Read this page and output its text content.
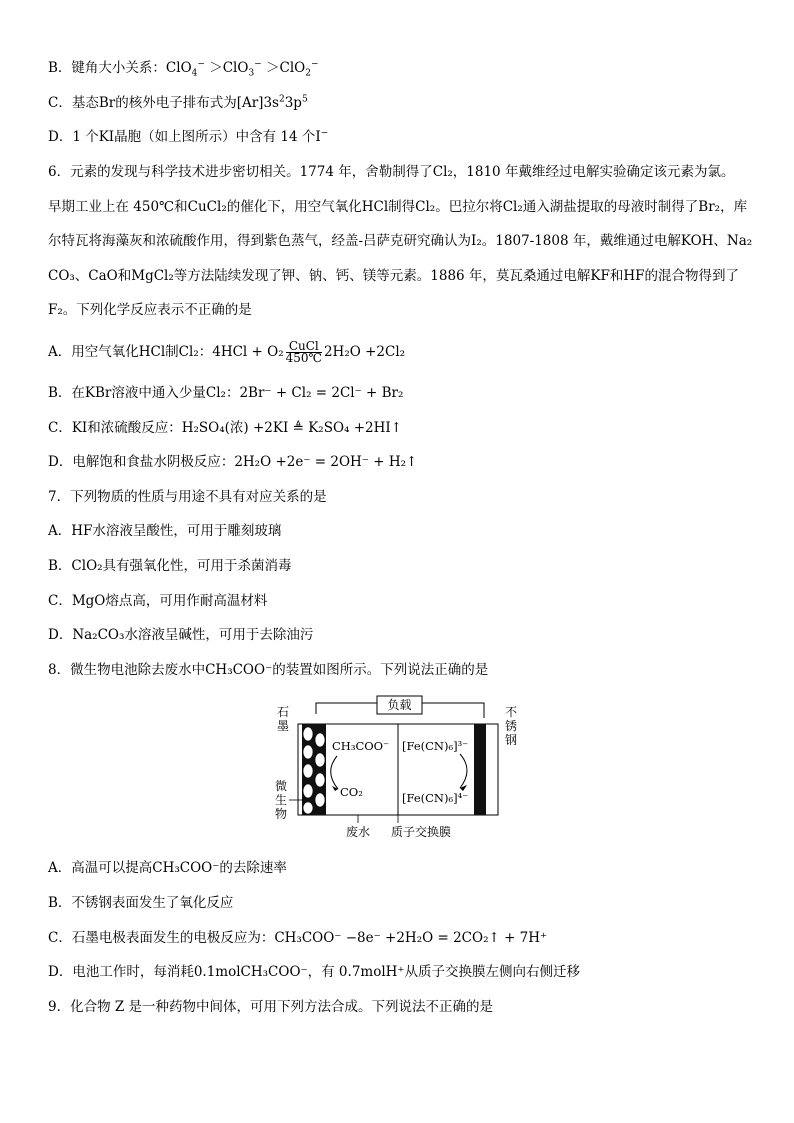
B．键角大小关系：ClO$_4$− ＞ClO$_3$− ＞ClO$_2$−
C．基态Br的核外电子排布式为$[Ar]3s^23p^5$
D．1 个KI晶胞（如上图所示）中含有 14 个I−
6．元素的发现与科学技术进步密切相关。1774 年，舍勒制得了Cl₂，1810 年戴维经过电解实验确定该元素为氯。
早期工业上在 450℃和CuCl₂的催化下，用空气氧化HCl制得Cl₂。巴拉尔将Cl₂通入湖盐提取的母液时制得了Br₂，库
尔特瓦将海藻灰和浓硫酸作用，得到紫色蒸气，经盖-吕萨克研究确认为I₂。1807-1808 年，戴维通过电解KOH、Na₂
CO₃、CaO和MgCl₂等方法陆续发现了钾、钠、钙、镁等元素。1886 年，莫瓦桑通过电解KF和HF的混合物得到了
F₂。下列化学反应表示不正确的是
A．用空气氧化HCl制Cl₂：4HCl + O₂ CuCl
450℃ 2H₂O +2Cl₂
B．在KBr溶液中通入少量Cl₂：2Br⁻ + Cl₂ = 2Cl⁻ + Br₂
C．KI和浓硫酸反应：H₂SO₄(浓) +2KI ≜ K₂SO₄ +2HI↑
D．电解饱和食盐水阴极反应：2H₂O +2e⁻ = 2OH⁻ + H₂↑
7．下列物质的性质与用途不具有对应关系的是
A．HF水溶液呈酸性，可用于雕刻玻璃
B．ClO₂具有强氧化性，可用于杀菌消毒
C．MgO熔点高，可用作耐高温材料
D．Na₂CO₃水溶液呈碱性，可用于去除油污
8．微生物电池除去废水中CH₃COO⁻的装置如图所示。下列说法正确的是
负载
CH₃COO⁻
CO₂
[Fe(CN)₆]³⁻
[Fe(CN)₆]⁴⁻
石
墨
不
锈
钢
微
生
物
废水 质子交换膜
A．高温可以提高CH₃COO⁻的去除速率
B．不锈钢表面发生了氧化反应
C．石墨电极表面发生的电极反应为：CH₃COO⁻ −8e⁻ +2H₂O = 2CO₂↑ + 7H⁺
D．电池工作时，每消耗0.1molCH₃COO⁻，有 0.7molH⁺从质子交换膜左侧向右侧迁移
9．化合物 Z 是一种药物中间体，可用下列方法合成。下列说法不正确的是
